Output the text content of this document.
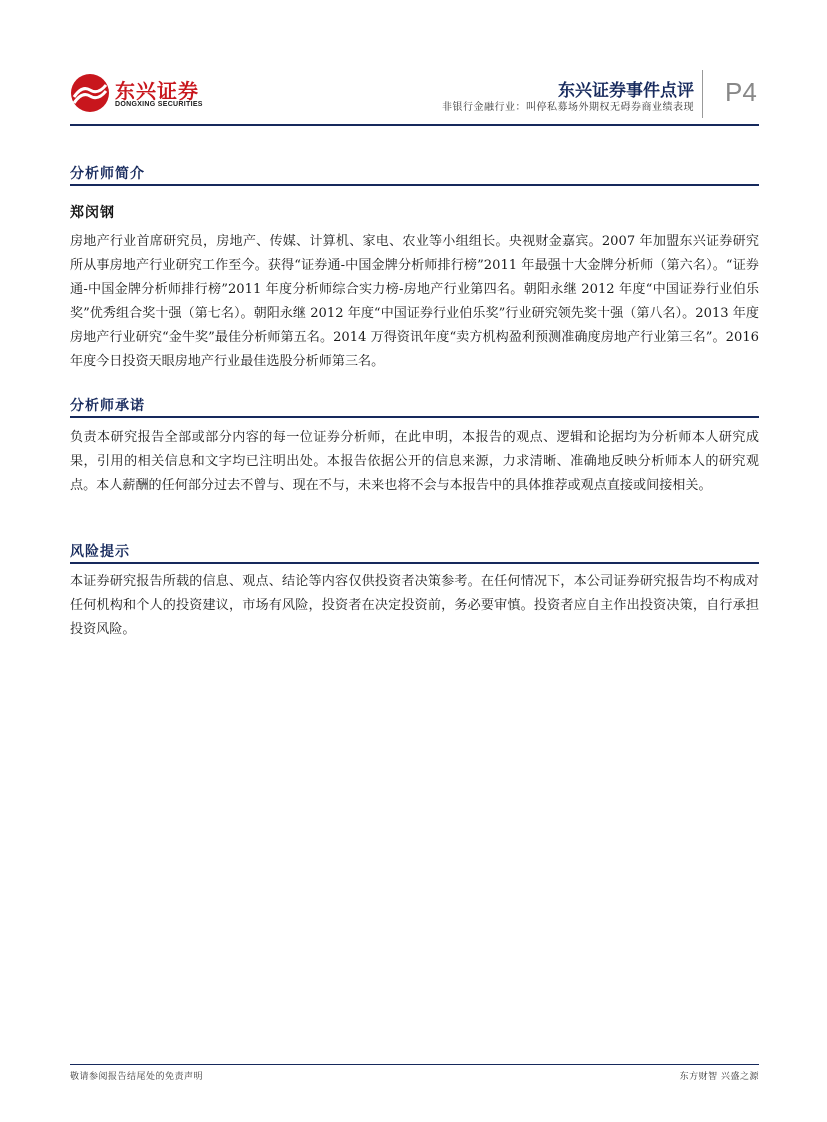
东兴证券
DONGXING SECURITIES
东兴证券事件点评
非银行金融行业：叫停私募场外期权无碍券商业绩表现
P4
分析师简介
郑闵钢

房地产行业首席研究员，房地产、传媒、计算机、家电、农业等小组组长。央视财金嘉宾。2007 年加盟东兴证券研究所从事房地产行业研究工作至今。获得“证券通-中国金牌分析师排行榜”2011 年最强十大金牌分析师（第六名）。“证券通-中国金牌分析师排行榜”2011 年度分析师综合实力榜-房地产行业第四名。朝阳永继 2012 年度“中国证券行业伯乐奖”优秀组合奖十强（第七名）。朝阳永继 2012 年度“中国证券行业伯乐奖”行业研究领先奖十强（第八名）。2013 年度房地产行业研究“金牛奖”最佳分析师第五名。2014 万得资讯年度“卖方机构盈利预测准确度房地产行业第三名”。2016 年度今日投资天眼房地产行业最佳选股分析师第三名。

分析师承诺

负责本研究报告全部或部分内容的每一位证券分析师，在此申明，本报告的观点、逻辑和论据均为分析师本人研究成果，引用的相关信息和文字均已注明出处。本报告依据公开的信息来源，力求清晰、准确地反映分析师本人的研究观点。本人薪酬的任何部分过去不曾与、现在不与，未来也将不会与本报告中的具体推荐或观点直接或间接相关。

风险提示

本证券研究报告所载的信息、观点、结论等内容仅供投资者决策参考。在任何情况下，本公司证券研究报告均不构成对任何机构和个人的投资建议，市场有风险，投资者在决定投资前，务必要审慎。投资者应自主作出投资决策，自行承担投资风险。

敬请参阅报告结尾处的免责声明	东方财智 兴盛之源
